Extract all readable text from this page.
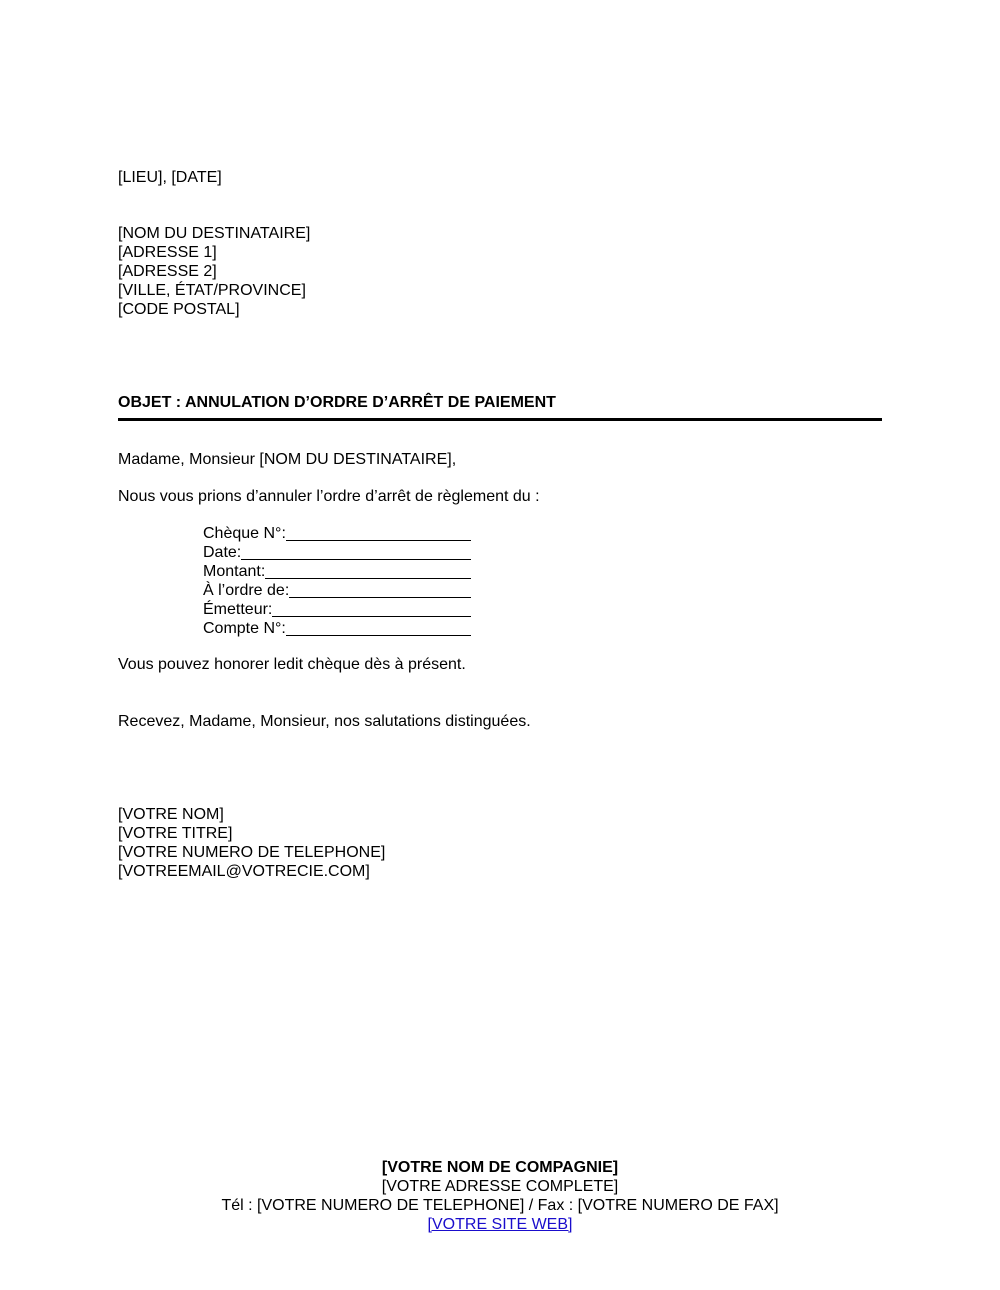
[LIEU], [DATE]
[NOM DU DESTINATAIRE]
[ADRESSE 1]
[ADRESSE 2]
[VILLE, ÉTAT/PROVINCE]
[CODE POSTAL]
OBJET : ANNULATION D’ORDRE D’ARRÊT DE PAIEMENT
Madame, Monsieur [NOM DU DESTINATAIRE],
Nous vous prions d’annuler l’ordre d’arrêt de règlement du :
Chèque N°:
Date:
Montant:
À l’ordre de:
Émetteur:
Compte N°:
Vous pouvez honorer ledit chèque dès à présent.
Recevez, Madame, Monsieur, nos salutations distinguées.
[VOTRE NOM]
[VOTRE TITRE]
[VOTRE NUMERO DE TELEPHONE]
[VOTREEMAIL@VOTRECIE.COM]
[VOTRE NOM DE COMPAGNIE]
[VOTRE ADRESSE COMPLETE]
Tél : [VOTRE NUMERO DE TELEPHONE] / Fax : [VOTRE NUMERO DE FAX]
[VOTRE SITE WEB]
